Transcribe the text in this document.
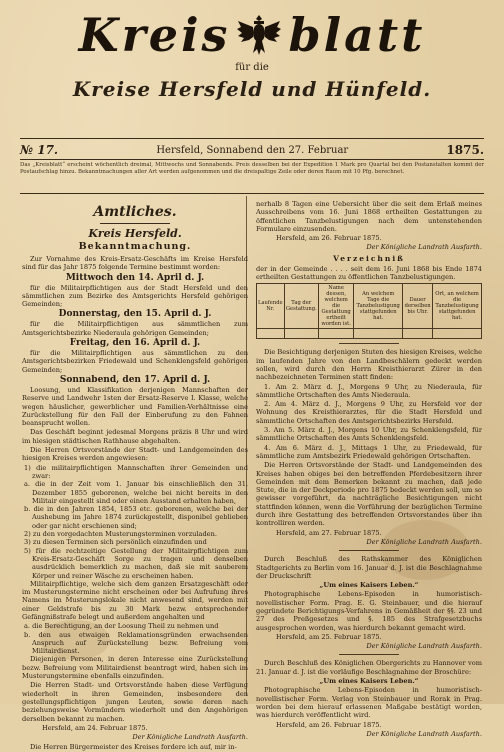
Kreis blatt
für die
Kreise Hersfeld und Hünfeld.
№ 17.	Hersfeld, Sonnabend den 27. Februar	1875.
Das „Kreisblatt“ erscheint wöchentlich dreimal, Mittwochs und Sonnabends. Preis desselben bei der Expedition 1 Mark pro Quartal bei den Postanstalten kommt der Postaufschlag hinzu. Bekanntmachungen aller Art werden aufgenommen und die dreispaltige Zeile oder deren Raum mit 10 Pfg. berechnet.
Amtliches.
Kreis Hersfeld.
Bekanntmachung.

Zur Vornahme des Kreis-Ersatz-Geschäfts im Kreise Hersfeld sind für das Jahr 1875 folgende Termine bestimmt worden:

Mittwoch den 14. April d. J.

für die Militairpflichtigen aus der Stadt Hersfeld und den sämmtlichen zum Bezirke des Amtsgerichts Hersfeld gehörigen Gemeinden;

Donnerstag, den 15. April d. J.

für die Militairpflichtigen aus sämmtlichen zum Amtsgerichtsbezirke Niederaula gehörigen Gemeinden;

Freitag, den 16. April d. J.

für die Militairpflichtigen aus sämmtlichen zu den Amtsgerichtsbezirken Friedewald und Schenklengsfeld gehörigen Gemeinden;

Sonnabend, den 17. April d. J.

Loosung, und Klassifikation derjenigen Mannschaften der Reserve und Landwehr 1sten der Ersatz-Reserve I. Klasse, welche wegen häuslicher, gewerblicher und Familien-Verhältnisse eine Zurückstellung für den Fall der Einberufung zu den Fahnen beansprucht wollen.

Das Geschäft beginnt jedesmal Morgens präzis 8 Uhr und wird im hiesigen städtischen Rathhause abgehalten.

Die Herren Ortsvorstände der Stadt- und Landgemeinden des hiesigen Kreises werden angewiesen:

1) die militairpflichtigen Mannschaften ihrer Gemeinden und zwar:

a. die in der Zeit vom 1. Januar bis einschließlich den 31. Dezember 1855 geborenen, welche bei nicht bereits in den Militair eingestellt sind oder einen Ausstand erhalten haben,

b. die in den Jahren 1854, 1853 etc. geborenen, welche bei der Aushebung im Jahre 1874 zurückgestellt, disponibel geblieben oder gar nicht erschienen sind;

2) zu den vorgedachten Musterungsterminen vorzuladen.

3) zu diesen Terminen sich persönlich einzufinden und

5) für die rechtzeitige Gestellung der Militairpflichtigen zum Kreis-Ersatz-Geschäft Sorge zu tragen und denselben ausdrücklich bemerklich zu machen, daß sie mit sauberem Körper und reiner Wäsche zu erscheinen haben.

Militairpflichtige, welche sich dem ganzen Ersatzgeschäft oder im Musterungstermine nicht erscheinen oder bei Aufrufung ihres Namens im Musterungslokale nicht anwesend sind, werden mit einer Geldstrafe bis zu 30 Mark bezw. entsprechender Gefängnißstrafe belegt und außerdem angehalten und

a. die Berechtigung, an der Loosung Theil zu nehmen und

b. den aus etwaigen Reklamationsgründen erwachsenden Anspruch auf Zurückstellung bezw. Befreiung vom Militairdienst.

Diejenigen Personen, in deren Interesse eine Zurückstellung bezw. Befreiung vom Militairdienst beantragt wird, haben sich im Musterungstermine ebenfalls einzufinden.

Die Herren Stadt- und Ortsvorstände haben diese Verfügung wiederholt in ihren Gemeinden, insbesondere den gestellungspflichtigen jungen Leuten, sowie deren nach beziehungsweise Vormündern wiederholt und den Angehörigen derselben bekannt zu machen.

Hersfeld, am 24. Februar 1875.

Der Königliche Landrath Ausfarth.

Die Herren Bürgermeister des Kreises fordere ich auf, mir in-

nerhalb 8 Tagen eine Uebersicht über die seit dem Erlaß meines Ausschreibens vom 16. Juni 1868 ertheilten Gestattungen zu öffentlichen Tanzbelustigungen nach dem untenstehenden Formulare einzusenden.

Hersfeld, am 26. Februar 1875.

Der Königliche Landrath Ausfarth.

Verzeichniß

der in der Gemeinde . . . . seit dem 16. Juni 1868 bis Ende 1874 ertheilten Gestattungen zu öffentlichen Tanzbelustigungen.

Laufende Nr.	Tag der Gestattung.	Name dessen, welchem die Gestattung ertheilt worden ist.	An welchem Tage die Tanzbelustigung stattgefunden hat.	Dauer derselben bis Uhr.	Ort, an welchem die Tanzbelustigung stattgefunden hat.

Die Besichtigung derjenigen Stuten des hiesigen Kreises, welche im laufenden Jahre von den Landbeschälern gedeckt werden sollen, wird durch den Herrn Kreisthierarzt Zürer in den nachbezeichneten Terminen statt finden:

1. Am 2. März d. J., Morgens 9 Uhr, zu Niederaula, für sämmtliche Ortschaften des Amts Niederaula.

2. Am 4. März d. J., Morgens 9 Uhr, zu Hersfeld vor der Wohnung des Kreisthierarztes, für die Stadt Hersfeld und sämmtliche Ortschaften des Amtsgerichtsbezirks Hersfeld.

3. Am 5. März d. J., Morgens 10 Uhr, zu Schenklengsfeld, für sämmtliche Ortschaften des Amts Schenklengsfeld.

4. Am 6. März d. J., Mittags 1 Uhr, zu Friedewald, für sämmtliche zum Amtsbezirk Friedewald gehörigen Ortschaften.

Die Herren Ortsvorstände der Stadt- und Landgemeinden des Kreises haben obiges bei den betreffenden Pferdebesitzern ihrer Gemeinden mit dem Bemerken bekannt zu machen, daß jede Stute, die in der Deckperiode pro 1875 bedeckt werden soll, um so gewisser vorgeführt, da nachträgliche Besichtigungen nicht stattfinden können, wenn die Vorführung der bezüglichen Termine durch ihre Gestattung des betreffenden Ortsvorstandes über ihn kontrolliren werden.

Hersfeld, am 27. Februar 1875.

Der Königliche Landrath Ausfarth.

Durch Beschluß des Rathskammer des Königlichen Stadtgerichts zu Berlin vom 16. Januar d. J. ist die Beschlagnahme der Druckschrift

„Um eines Kaisers Leben.“

Photographische Lebens-Episoden in humoristisch-novellistischer Form. Prag. E. G. Steinbauer, und die hierauf gegründete Berichtigungs-Verfahrens in Gemäßheit der §§. 23 und 27 des Preßgesetzes und §. 185 des Strafgesetzbuchs ausgesprochen worden, was hierdurch bekannt gemacht wird.

Hersfeld, am 25. Februar 1875.

Der Königliche Landrath Ausfarth.

Durch Beschluß des Königlichen Obergerichts zu Hannover vom 21. Januar d. J. ist die vorläufige Beschlagnahme der Broschüre:

„Um eines Kaisers Leben.“

Photographische Lebens-Episoden in humoristisch-novellistischer Form. Verlag von Steinbauer und Rorak in Prag. worden bei dem hierauf erlassenen Maßgabe bestätigt worden, was hierdurch veröffentlicht wird.

Hersfeld, am 26. Februar 1875.

Der Königliche Landrath Ausfarth.
